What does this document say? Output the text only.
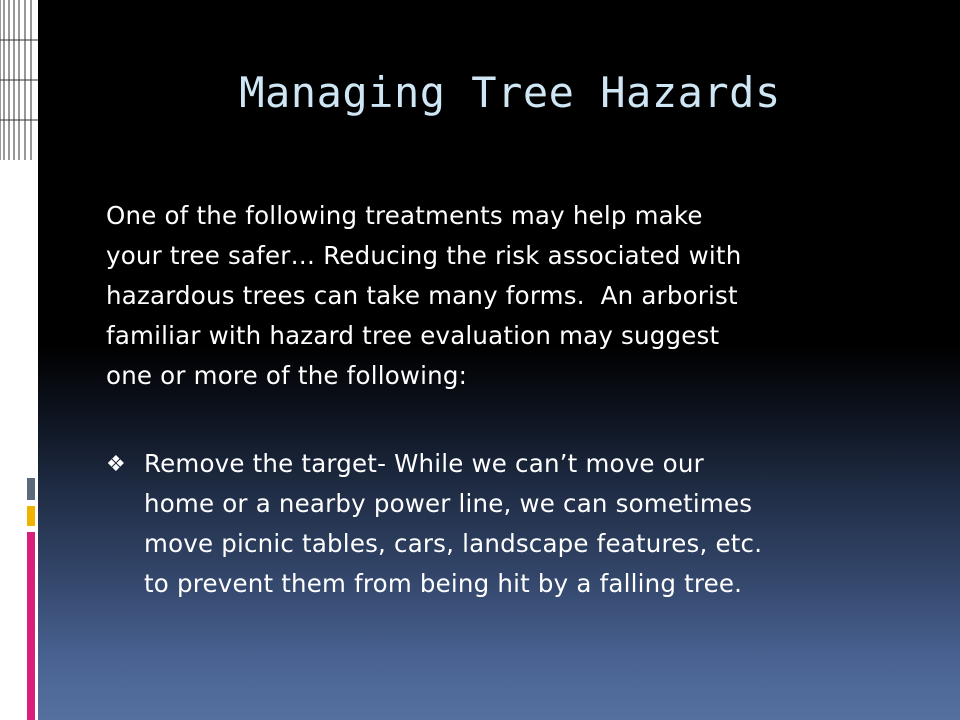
Managing Tree Hazards
One of the following treatments may help make
your tree safer… Reducing the risk associated with
hazardous trees can take many forms.  An arborist
familiar with hazard tree evaluation may suggest
one or more of the following:
❖ Remove the target- While we can’t move our
home or a nearby power line, we can sometimes
move picnic tables, cars, landscape features, etc.
to prevent them from being hit by a falling tree.
